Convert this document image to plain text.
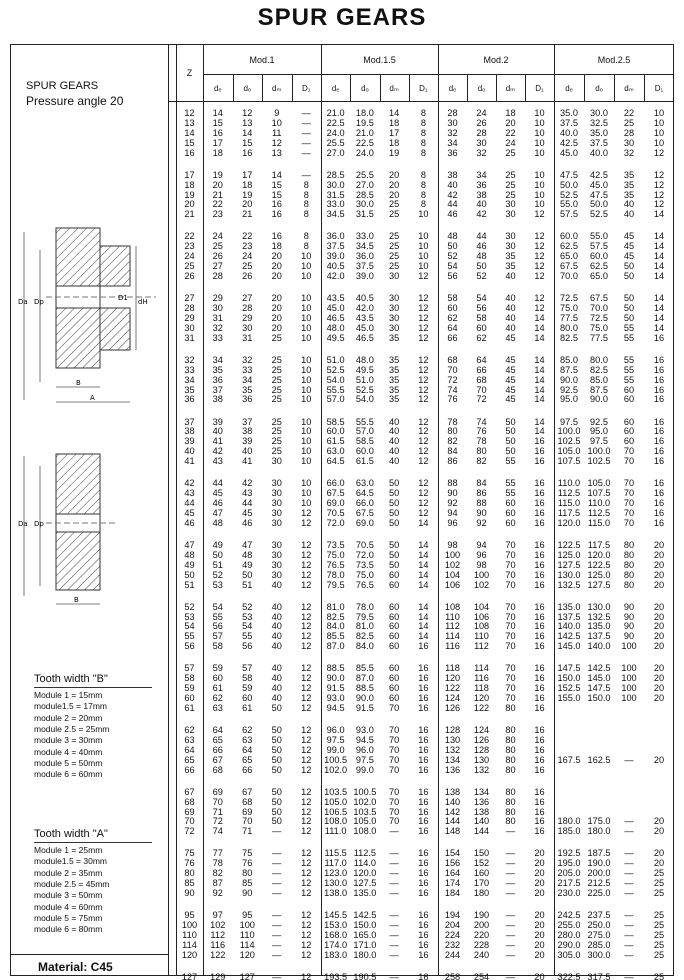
SPUR GEARS
SPUR GEARS
Pressure angle 20
Da Dp	dH
D1
B
A
Da Dp
B
Tooth width "B"
Module 1 = 15mm
module1.5 = 17mm
module 2 = 20mm
module 2.5 = 25mm
module 3 = 30mm
module 4 = 40mm
module 5 = 50mm
module 6 = 60mm
Tooth width "A"
Module 1 = 25mm
module1.5 = 30mm
module 2 = 35mm
module 2.5 = 45mm
module 3 = 50mm
module 4 = 60mm
module 5 = 75mm
module 6 = 80mm
Material: C45
Z
Mod.1
dₑ	dₒ	dₘ	D₁
Mod.1.5
dₑ	dₒ	dₘ	D₁
Mod.2
dₑ	dₒ	dₘ	D₁
Mod.2.5
dₑ	dₒ	dₘ	D₁
12	14	12	9	—	21.0	18.0	14	8	28	24	18	10	35.0	30.0	22	10
13	15	13	10	—	22.5	19.5	18	8	30	26	20	10	37.5	32.5	25	10
14	16	14	11	—	24.0	21.0	17	8	32	28	22	10	40.0	35.0	28	10
15	17	15	12	—	25.5	22.5	18	8	34	30	24	10	42.5	37.5	30	10
16	18	16	13	—	27.0	24.0	19	8	36	32	25	10	45.0	40.0	32	12
17	19	17	14	—	28.5	25.5	20	8	38	34	25	10	47.5	42.5	35	12
18	20	18	15	8	30.0	27.0	20	8	40	36	25	10	50.0	45.0	35	12
19	21	19	15	8	31.5	28.5	20	8	42	38	25	10	52.5	47.5	35	12
20	22	20	16	8	33.0	30.0	25	8	44	40	30	10	55.0	50.0	40	12
21	23	21	16	8	34.5	31.5	25	10	46	42	30	12	57.5	52.5	40	14
22	24	22	16	8	36.0	33.0	25	10	48	44	30	12	60.0	55.0	45	14
23	25	23	18	8	37.5	34.5	25	10	50	46	30	12	62.5	57.5	45	14
24	26	24	20	10	39.0	36.0	25	10	52	48	35	12	65.0	60.0	45	14
25	27	25	20	10	40.5	37.5	25	10	54	50	35	12	67.5	62.5	50	14
26	28	26	20	10	42.0	39.0	30	12	56	52	40	12	70.0	65.0	50	14
27	29	27	20	10	43.5	40.5	30	12	58	54	40	12	72.5	67.5	50	14
28	30	28	20	10	45.0	42.0	30	12	60	56	40	12	75.0	70.0	50	14
29	31	29	20	10	46.5	43.5	30	12	62	58	40	14	77.5	72.5	50	14
30	32	30	20	10	48.0	45.0	30	12	64	60	40	14	80.0	75.0	55	14
31	33	31	25	10	49.5	46.5	35	12	66	62	45	14	82.5	77.5	55	16
32	34	32	25	10	51.0	48.0	35	12	68	64	45	14	85.0	80.0	55	16
33	35	33	25	10	52.5	49.5	35	12	70	66	45	14	87.5	82.5	55	16
34	36	34	25	10	54.0	51.0	35	12	72	68	45	14	90.0	85.0	55	16
35	37	35	25	10	55.5	52.5	35	12	74	70	45	14	92.5	87.5	60	16
36	38	36	25	10	57.0	54.0	35	12	76	72	45	14	95.0	90.0	60	16
37	39	37	25	10	58.5	55.5	40	12	78	74	50	14	97.5	92.5	60	16
38	40	38	25	10	60.0	57.0	40	12	80	76	50	14	100.0	95.0	60	16
39	41	39	25	10	61.5	58.5	40	12	82	78	50	16	102.5	97.5	60	16
40	42	40	25	10	63.0	60.0	40	12	84	80	50	16	105.0 100.0	70	16
41	43	41	30	10	64.5	61.5	40	12	86	82	55	16	107.5 102.5	70	16
42	44	42	30	10	66.0	63.0	50	12	88	84	55	16	110.0 105.0	70	16
43	45	43	30	10	67.5	64.5	50	12	90	86	55	16	112.5 107.5	70	16
44	46	44	30	10	69.0	66.0	50	12	92	88	60	16	115.0 110.0	70	16
45	47	45	30	12	70.5	67.5	50	12	94	90	60	16	117.5 112.5	70	16
46	48	46	30	12	72.0	69.0	50	14	96	92	60	16	120.0 115.0	70	16
47	49	47	30	12	73.5	70.5	50	14	98	94	70	16	122.5 117.5	80	20
48	50	48	30	12	75.0	72.0	50	14	100	96	70	16	125.0 120.0	80	20
49	51	49	30	12	76.5	73.5	50	14	102	98	70	16	127.5 122.5	80	20
50	52	50	30	12	78.0	75.0	60	14	104	100	70	16	130.0 125.0	80	20
51	53	51	40	12	79.5	76.5	60	14	106	102	70	16	132.5 127.5	80	20
52	54	52	40	12	81.0	78.0	60	14	108	104	70	16	135.0 130.0	90	20
53	55	53	40	12	82.5	79.5	60	14	110	106	70	16	137.5 132.5	90	20
54	56	54	40	12	84.0	81.0	60	14	112	108	70	16	140.0 135.0	90	20
55	57	55	40	12	85.5	82.5	60	14	114	110	70	16	142.5 137.5	90	20
56	58	56	40	12	87.0	84.0	60	16	116	112	70	16	145.0 140.0	100	20
57	59	57	40	12	88.5	85.5	60	16	118	114	70	16	147.5 142.5	100	20
58	60	58	40	12	90.0	87.0	60	16	120	116	70	16	150.0 145.0	100	20
59	61	59	40	12	91.5	88.5	60	16	122	118	70	16	152.5 147.5	100	20
60	62	60	40	12	93.0	90.0	60	16	124	120	70	16	155.0 150.0	100	20
61	63	61	50	12	94.5	91.5	70	16	126	122	80	16
62	64	62	50	12	96.0	93.0	70	16	128	124	80	16
63	65	63	50	12	97.5	94.5	70	16	130	126	80	16
64	66	64	50	12	99.0	96.0	70	16	132	128	80	16
65	67	65	50	12	100.5 97.5	70	16	134	130	80	16	167.5 162.5	—	20
66	68	66	50	12	102.0 99.0	70	16	136	132	80	16
67	69	67	50	12	103.5 100.5	70	16	138	134	80	16
68	70	68	50	12	105.0 102.0	70	16	140	136	80	16
69	71	69	50	12	106.5 103.5	70	16	142	138	80	16
70	72	70	50	12	108.0 105.0	70	16	144	140	80	16	180.0 175.0	—	20
72	74	71	—	12	111.0 108.0	—	16	148	144	—	16	185.0 180.0	—	20
75	77	75	—	12	115.5 112.5	—	16	154	150	—	20	192.5 187.5	—	20
76	78	76	—	12	117.0 114.0	—	16	156	152	—	20	195.0 190.0	—	20
80	82	80	—	12	123.0 120.0	—	16	164	160	—	20	205.0 200.0	—	25
85	87	85	—	12	130.0 127.5	—	16	174	170	—	20	217.5 212.5	—	25
90	92	90	—	12	138.0 135.0	—	16	184	180	—	20	230.0 225.0	—	25
95	97	95	—	12	145.5 142.5	—	16	194	190	—	20	242.5 237.5	—	25
100	102	100	—	12	153.0 150.0	—	16	204	200	—	20	255.0 250.0	—	25
110	112	110	—	12	168.0 165.0	—	16	224	220	—	20	280.0 275.0	—	25
114	116	114	—	12	174.0 171.0	—	16	232	228	—	20	290.0 285.0	—	25
120	122	120	—	12	183.0 180.0	—	16	244	240	—	20	305.0 300.0	—	25
127	129	127	—	12	193.5 190.5	—	16	258	254	—	20	322.5 317.5	—	25
